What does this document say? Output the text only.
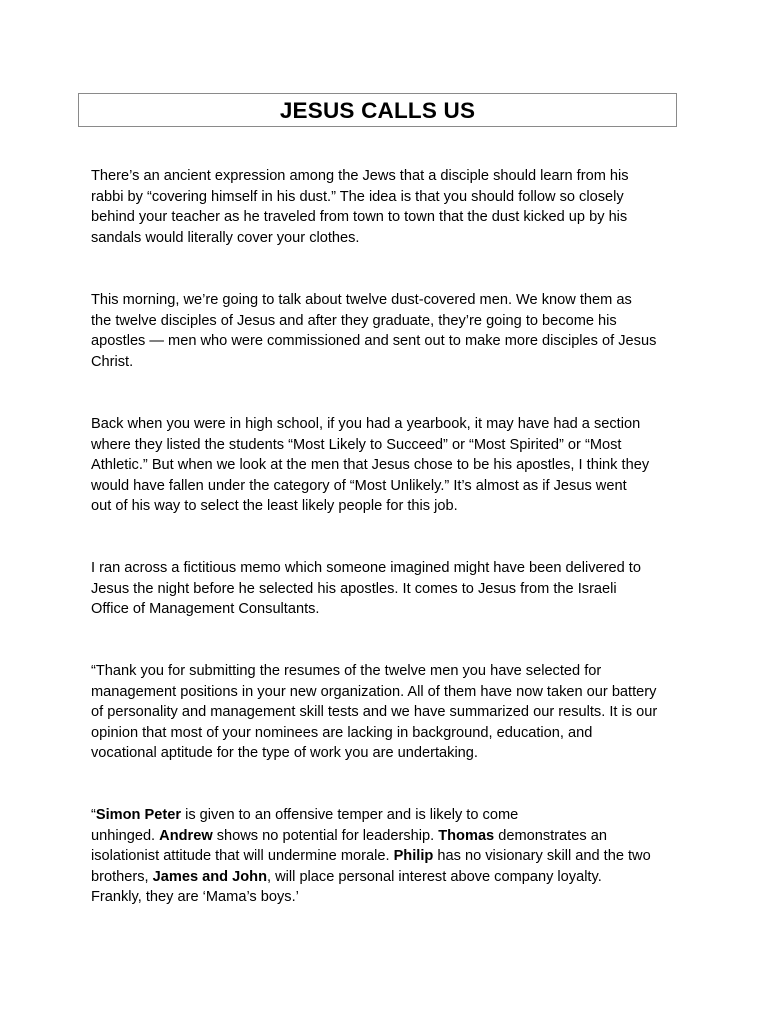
JESUS CALLS US

There’s an ancient expression among the Jews that a disciple should learn from his
rabbi by “covering himself in his dust.” The idea is that you should follow so closely
behind your teacher as he traveled from town to town that the dust kicked up by his
sandals would literally cover your clothes.

This morning, we’re going to talk about twelve dust-covered men. We know them as
the twelve disciples of Jesus and after they graduate, they’re going to become his
apostles — men who were commissioned and sent out to make more disciples of Jesus
Christ.

Back when you were in high school, if you had a yearbook, it may have had a section
where they listed the students “Most Likely to Succeed” or “Most Spirited” or “Most
Athletic.” But when we look at the men that Jesus chose to be his apostles, I think they
would have fallen under the category of “Most Unlikely.” It’s almost as if Jesus went
out of his way to select the least likely people for this job.

I ran across a fictitious memo which someone imagined might have been delivered to
Jesus the night before he selected his apostles. It comes to Jesus from the Israeli
Office of Management Consultants.

“Thank you for submitting the resumes of the twelve men you have selected for
management positions in your new organization. All of them have now taken our battery
of personality and management skill tests and we have summarized our results. It is our
opinion that most of your nominees are lacking in background, education, and
vocational aptitude for the type of work you are undertaking.

“Simon Peter is given to an offensive temper and is likely to come
unhinged. Andrew shows no potential for leadership. Thomas demonstrates an
isolationist attitude that will undermine morale. Philip has no visionary skill and the two
brothers, James and John, will place personal interest above company loyalty.
Frankly, they are ‘Mama’s boys.’
